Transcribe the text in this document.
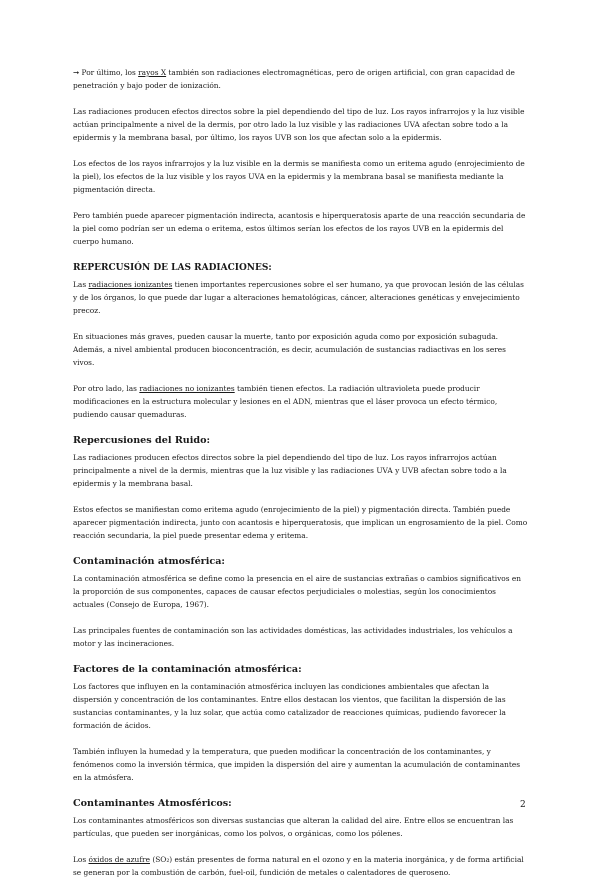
➞ Por último, los rayos X también son radiaciones electromagnéticas, pero de origen artificial, con gran capacidad de penetración y bajo poder de ionización.

Las radiaciones producen efectos directos sobre la piel dependiendo del tipo de luz. Los rayos infrarrojos y la luz visible actúan principalmente a nivel de la dermis, por otro lado la luz visible y las radiaciones UVA afectan sobre todo a la epidermis y la membrana basal, por último, los rayos UVB son los que afectan solo a la epidermis.

Los efectos de los rayos infrarrojos y la luz visible en la dermis se manifiesta como un eritema agudo (enrojecimiento de la piel), los efectos de la luz visible y los rayos UVA en la epidermis y la membrana basal se manifiesta mediante la pigmentación directa.

Pero también puede aparecer pigmentación indirecta, acantosis e hiperqueratosis aparte de una reacción secundaria de la piel como podrían ser un edema o eritema, estos últimos serían los efectos de los rayos UVB en la epidermis del cuerpo humano.

REPERCUSIÓN DE LAS RADIACIONES:

Las radiaciones ionizantes tienen importantes repercusiones sobre el ser humano, ya que provocan lesión de las células y de los órganos, lo que puede dar lugar a alteraciones hematológicas, cáncer, alteraciones genéticas y envejecimiento precoz.

En situaciones más graves, pueden causar la muerte, tanto por exposición aguda como por exposición subaguda. Además, a nivel ambiental producen bioconcentración, es decir, acumulación de sustancias radiactivas en los seres vivos.

Por otro lado, las radiaciones no ionizantes también tienen efectos. La radiación ultravioleta puede producir modificaciones en la estructura molecular y lesiones en el ADN, mientras que el láser provoca un efecto térmico, pudiendo causar quemaduras.

Repercusiones del Ruido:

Las radiaciones producen efectos directos sobre la piel dependiendo del tipo de luz. Los rayos infrarrojos actúan principalmente a nivel de la dermis, mientras que la luz visible y las radiaciones UVA y UVB afectan sobre todo a la epidermis y la membrana basal.

Estos efectos se manifiestan como eritema agudo (enrojecimiento de la piel) y pigmentación directa. También puede aparecer pigmentación indirecta, junto con acantosis e hiperqueratosis, que implican un engrosamiento de la piel. Como reacción secundaria, la piel puede presentar edema y eritema.

Contaminación atmosférica:

La contaminación atmosférica se define como la presencia en el aire de sustancias extrañas o cambios significativos en la proporción de sus componentes, capaces de causar efectos perjudiciales o molestias, según los conocimientos actuales (Consejo de Europa, 1967).

Las principales fuentes de contaminación son las actividades domésticas, las actividades industriales, los vehículos a motor y las incineraciones.

Factores de la contaminación atmosférica:

Los factores que influyen en la contaminación atmosférica incluyen las condiciones ambientales que afectan la dispersión y concentración de los contaminantes. Entre ellos destacan los vientos, que facilitan la dispersión de las sustancias contaminantes, y la luz solar, que actúa como catalizador de reacciones químicas, pudiendo favorecer la formación de ácidos.

También influyen la humedad y la temperatura, que pueden modificar la concentración de los contaminantes, y fenómenos como la inversión térmica, que impiden la dispersión del aire y aumentan la acumulación de contaminantes en la atmósfera.

Contaminantes Atmosféricos:

Los contaminantes atmosféricos son diversas sustancias que alteran la calidad del aire. Entre ellos se encuentran las partículas, que pueden ser inorgánicas, como los polvos, o orgánicas, como los pólenes.

Los óxidos de azufre (SO₂) están presentes de forma natural en el ozono y en la materia inorgánica, y de forma artificial se generan por la combustión de carbón, fuel-oil, fundición de metales o calentadores de queroseno.

2
